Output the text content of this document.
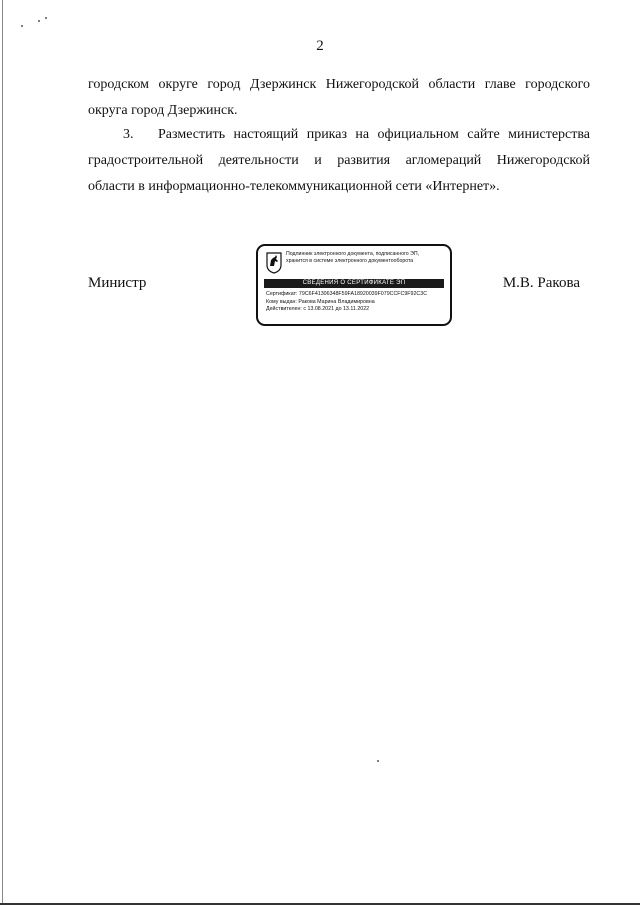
2
городском округе город Дзержинск Нижегородской области главе городского
округа город Дзержинск.
3. Разместить настоящий приказ на официальном сайте министерства
градостроительной деятельности и развития агломераций Нижегородской
области в информационно-телекоммуникационной сети «Интернет».
Министр	М.В. Ракова
Подлинник электронного документа, подписанного ЭП,
хранится в системе электронного документооборота
СВЕДЕНИЯ О СЕРТИФИКАТЕ ЭП
Сертификат: 79C6F41306348F59FA18920039F079CCFC9F92C3C
Кому выдан: Ракова Марина Владимировна
Действителен: с 13.08.2021 до 13.11.2022
